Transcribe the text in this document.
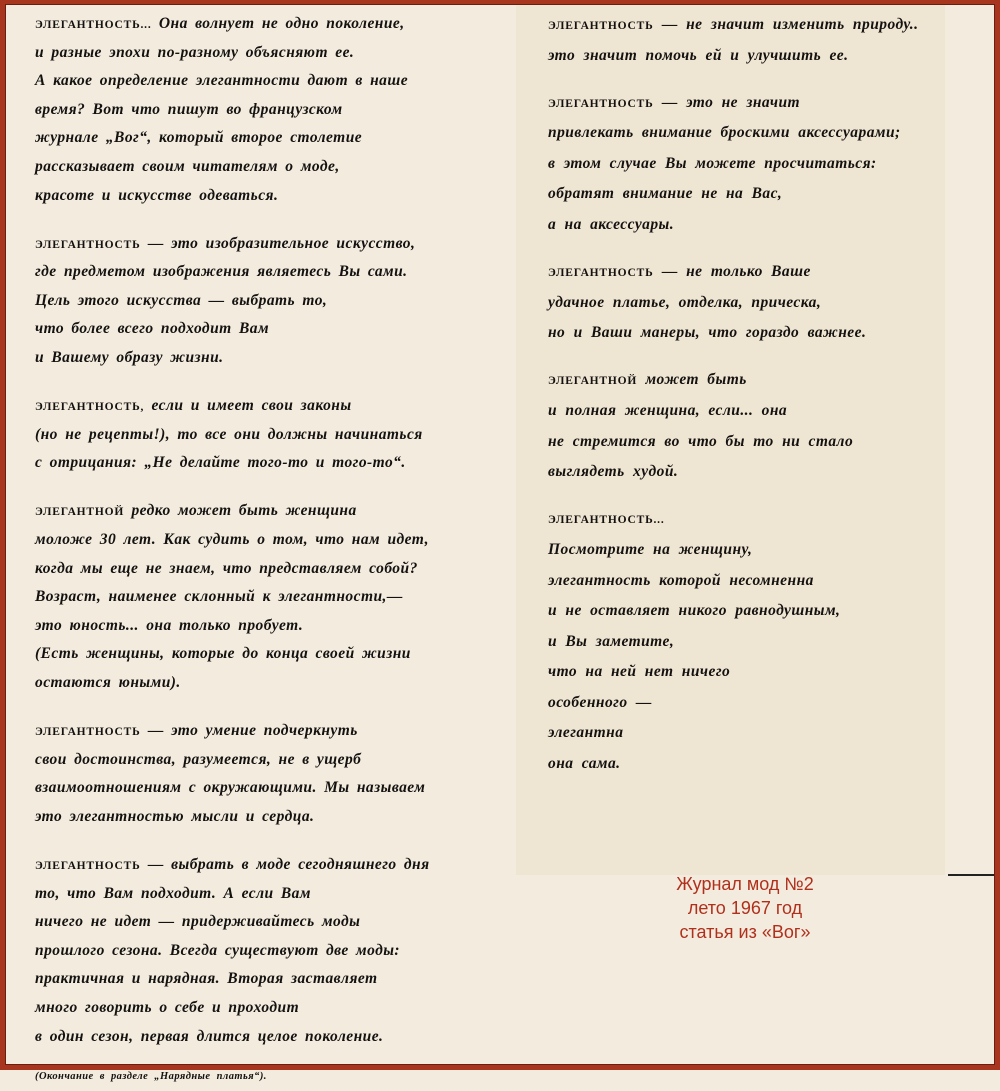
ЭЛЕГАНТНОСТЬ... Она волнует не одно поколение,
и разные эпохи по-разному объясняют ее.
А какое определение элегантности дают в наше
время? Вот что пишут во французском
журнале „Вог“, который второе столетие
рассказывает своим читателям о моде,
красоте и искусстве одеваться.
ЭЛЕГАНТНОСТЬ — это изобразительное искусство,
где предметом изображения являетесь Вы сами.
Цель этого искусства — выбрать то,
что более всего подходит Вам
и Вашему образу жизни.
ЭЛЕГАНТНОСТЬ, если и имеет свои законы
(но не рецепты!), то все они должны начинаться
с отрицания: „Не делайте того-то и того-то“.
ЭЛЕГАНТНОЙ редко может быть женщина
моложе 30 лет. Как судить о том, что нам идет,
когда мы еще не знаем, что представляем собой?
Возраст, наименее склонный к элегантности,—
это юность... она только пробует.
(Есть женщины, которые до конца своей жизни
остаются юными).
ЭЛЕГАНТНОСТЬ — это умение подчеркнуть
свои достоинства, разумеется, не в ущерб
взаимоотношениям с окружающими. Мы называем
это элегантностью мысли и сердца.
ЭЛЕГАНТНОСТЬ — выбрать в моде сегодняшнего дня
то, что Вам подходит. А если Вам
ничего не идет — придерживайтесь моды
прошлого сезона. Всегда существуют две моды:
практичная и нарядная. Вторая заставляет
много говорить о себе и проходит
в один сезон, первая длится целое поколение.
(Окончание в разделе „Нарядные платья“).
ЭЛЕГАНТНОСТЬ — не значит изменить природу..
это значит помочь ей и улучшить ее.
ЭЛЕГАНТНОСТЬ — это не значит
привлекать внимание броскими аксессуарами;
в этом случае Вы можете просчитаться:
обратят внимание не на Вас,
а на аксессуары.
ЭЛЕГАНТНОСТЬ — не только Ваше
удачное платье, отделка, прическа,
но и Ваши манеры, что гораздо важнее.
ЭЛЕГАНТНОЙ может быть
и полная женщина, если... она
не стремится во что бы то ни стало
выглядеть худой.
ЭЛЕГАНТНОСТЬ...
Посмотрите на женщину,
элегантность которой несомненна
и не оставляет никого равнодушным,
и Вы заметите,
что на ней нет ничего
особенного —
элегантна
она сама.
Журнал мод №2
лето 1967 год
статья из «Вог»
